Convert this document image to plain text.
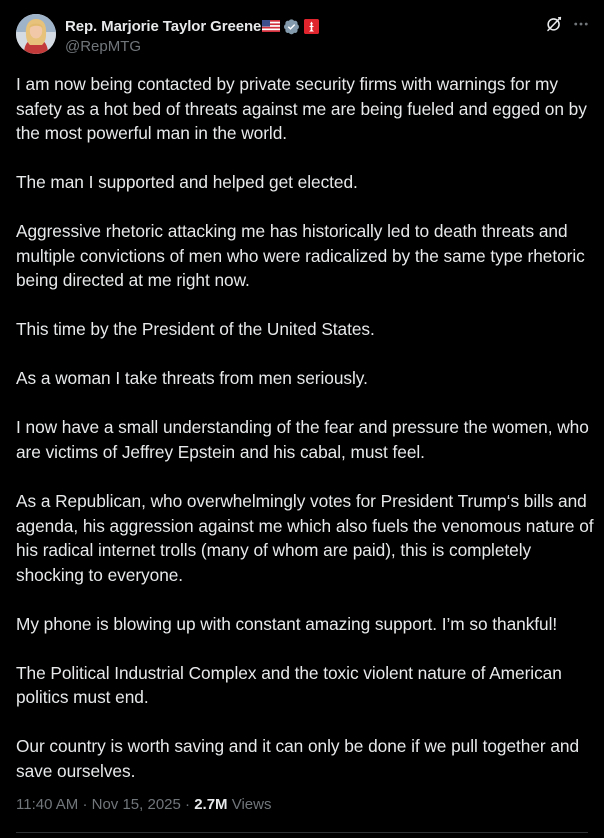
Rep. Marjorie Taylor Greene
@RepMTG

I am now being contacted by private security firms with warnings for my safety as a hot bed of threats against me are being fueled and egged on by the most powerful man in the world.

The man I supported and helped get elected.

Aggressive rhetoric attacking me has historically led to death threats and multiple convictions of men who were radicalized by the same type rhetoric being directed at me right now.

This time by the President of the United States.

As a woman I take threats from men seriously.

I now have a small understanding of the fear and pressure the women, who are victims of Jeffrey Epstein and his cabal, must feel.

As a Republican, who overwhelmingly votes for President Trump‘s bills and agenda, his aggression against me which also fuels the venomous nature of his radical internet trolls (many of whom are paid), this is completely shocking to everyone.

My phone is blowing up with constant amazing support. I’m so thankful!

The Political Industrial Complex and the toxic violent nature of American politics must end.

Our country is worth saving and it can only be done if we pull together and save ourselves.

11:40 AM · Nov 15, 2025 · 2.7M Views
